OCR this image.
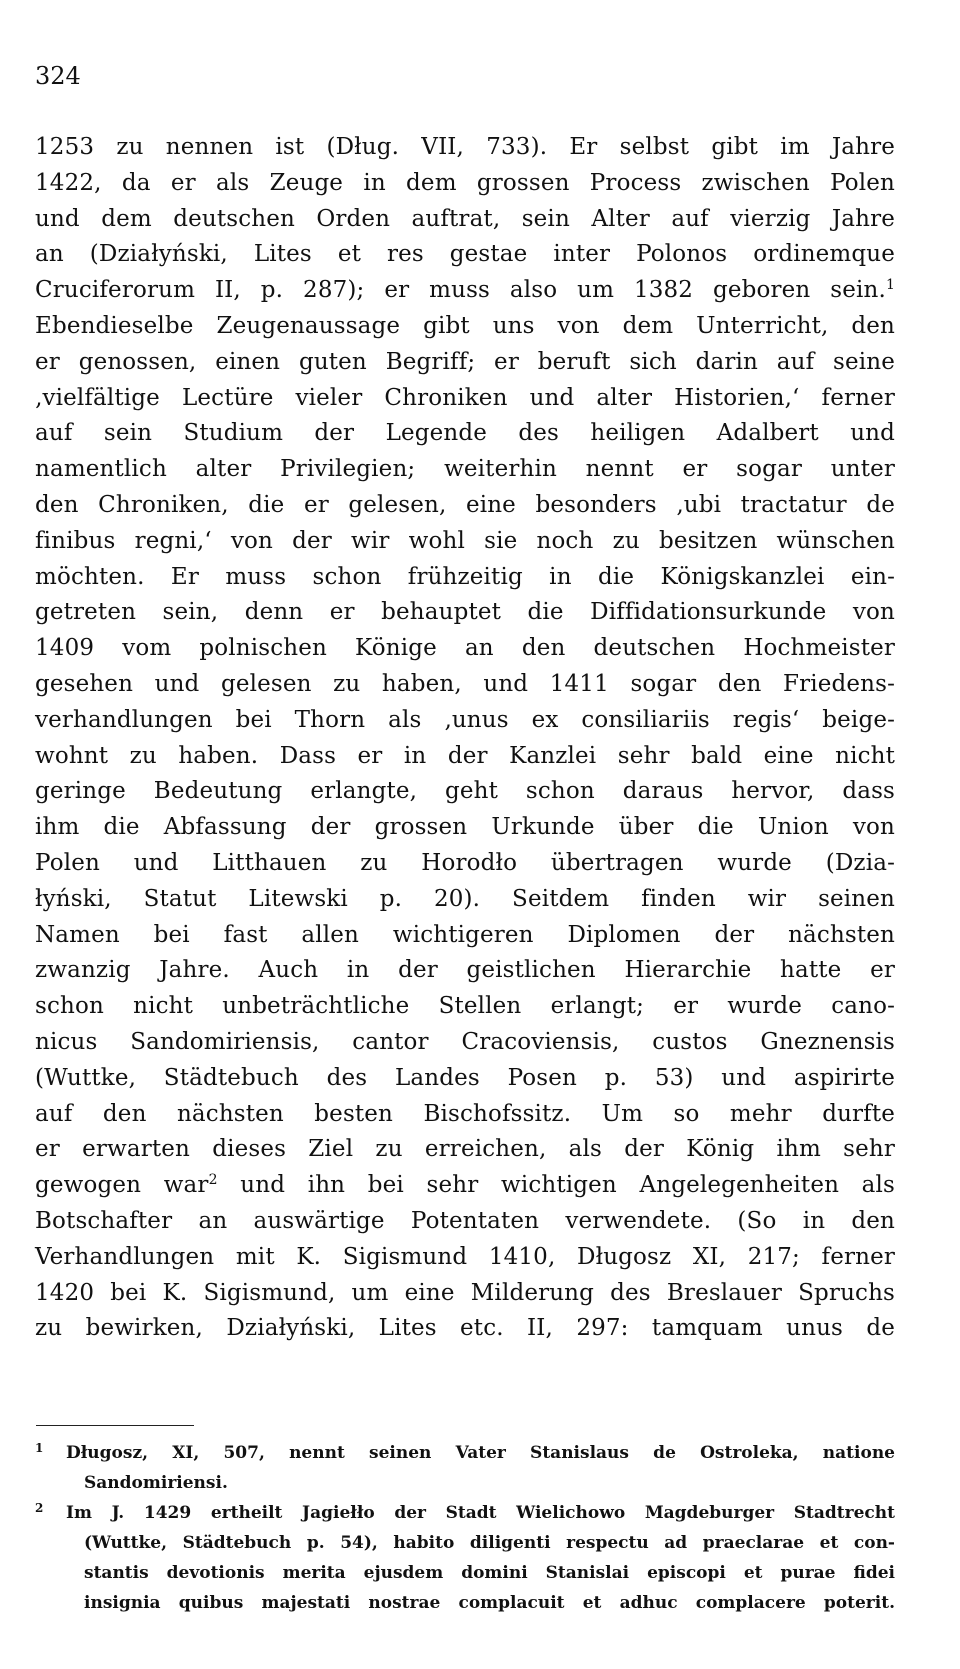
324
1253 zu nennen ist (Dług. VII, 733). Er selbst gibt im Jahre
1422, da er als Zeuge in dem grossen Process zwischen Polen
und dem deutschen Orden auftrat, sein Alter auf vierzig Jahre
an (Działyński, Lites et res gestae inter Polonos ordinemque
Cruciferorum II, p. 287); er muss also um 1382 geboren sein.$^1$
Ebendieselbe Zeugenaussage gibt uns von dem Unterricht, den
er genossen, einen guten Begriff; er beruft sich darin auf seine
‚vielfältige Lectüre vieler Chroniken und alter Historien,‘ ferner
auf sein Studium der Legende des heiligen Adalbert und
namentlich alter Privilegien; weiterhin nennt er sogar unter
den Chroniken, die er gelesen, eine besonders ‚ubi tractatur de
finibus regni,‘ von der wir wohl sie noch zu besitzen wünschen
möchten. Er muss schon frühzeitig in die Königskanzlei ein-
getreten sein, denn er behauptet die Diffidationsurkunde von
1409 vom polnischen Könige an den deutschen Hochmeister
gesehen und gelesen zu haben, und 1411 sogar den Friedens-
verhandlungen bei Thorn als ‚unus ex consiliariis regis‘ beige-
wohnt zu haben. Dass er in der Kanzlei sehr bald eine nicht
geringe Bedeutung erlangte, geht schon daraus hervor, dass
ihm die Abfassung der grossen Urkunde über die Union von
Polen und Litthauen zu Horodło übertragen wurde (Dzia-
łyński, Statut Litewski p. 20). Seitdem finden wir seinen
Namen bei fast allen wichtigeren Diplomen der nächsten
zwanzig Jahre. Auch in der geistlichen Hierarchie hatte er
schon nicht unbeträchtliche Stellen erlangt; er wurde cano-
nicus Sandomiriensis, cantor Cracoviensis, custos Gneznensis
(Wuttke, Städtebuch des Landes Posen p. 53) und aspirirte
auf den nächsten besten Bischofssitz. Um so mehr durfte
er erwarten dieses Ziel zu erreichen, als der König ihm sehr
gewogen war$^2$ und ihn bei sehr wichtigen Angelegenheiten als
Botschafter an auswärtige Potentaten verwendete. (So in den
Verhandlungen mit K. Sigismund 1410, Długosz XI, 217; ferner
1420 bei K. Sigismund, um eine Milderung des Breslauer Spruchs
zu bewirken, Działyński, Lites etc. II, 297: tamquam unus de
1 Długosz, XI, 507, nennt seinen Vater Stanislaus de Ostroleka, natione
Sandomiriensi.
2 Im J. 1429 ertheilt Jagiełło der Stadt Wielichowo Magdeburger Stadtrecht
(Wuttke, Städtebuch p. 54), habito diligenti respectu ad praeclarae et con-
stantis devotionis merita ejusdem domini Stanislai episcopi et purae fidei
insignia quibus majestati nostrae complacuit et adhuc complacere poterit.
